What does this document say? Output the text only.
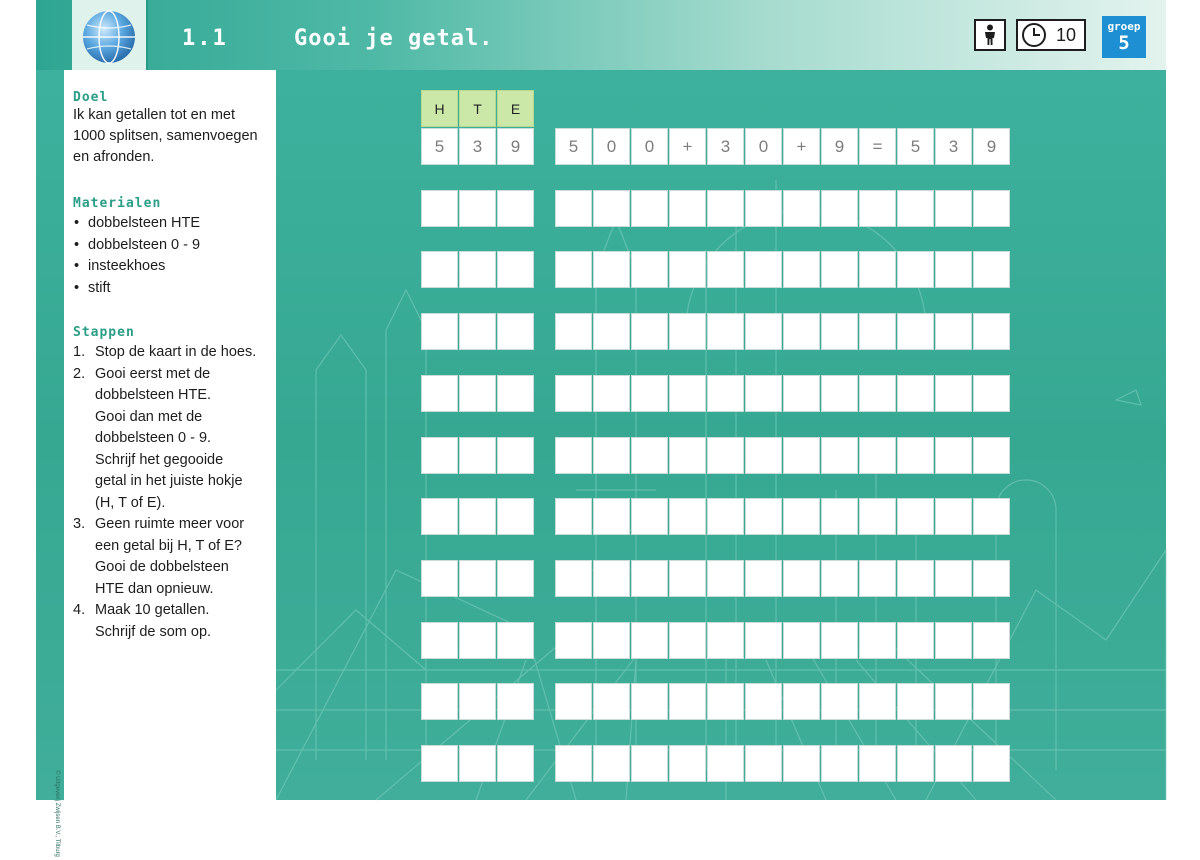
1.1	Gooi je getal.	10	groep
5
Doel

Ik kan getallen tot en met
1000 splitsen, samenvoegen
en afronden.

Materialen
• dobbelsteen HTE
• dobbelsteen 0 - 9
• insteekhoes
• stift
Stappen
1. Stop de kaart in de hoes.
2. Gooi eerst met de
dobbelsteen HTE.
Gooi dan met de
dobbelsteen 0 - 9.
Schrijf het gegooide
getal in het juiste hokje
(H, T of E).
3. Geen ruimte meer voor
een getal bij H, T of E?
Gooi de dobbelsteen
HTE dan opnieuw.
4. Maak 10 getallen.
Schrijf de som op.
© Uitgeverij Zwijsen B.V., Tilburg
H	T	E
5	3	9	5	0	0	+	3	0	+	9	=	5	3	9
